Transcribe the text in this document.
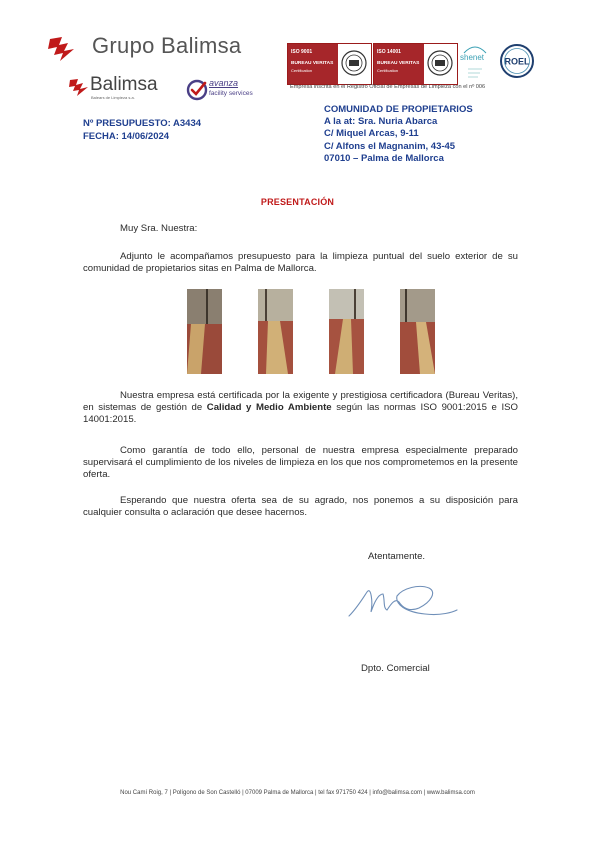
Grupo Balimsa
Balimsa
Balears de Limpieza s.a.
avanza
facility services
ISO 9001
BUREAU VERITAS
Certification
ISO 14001
BUREAU VERITAS
Certification
shenet ROEL
Empresa inscrita en el Registro Oficial de Empresas de Limpieza con el nº 006
Nº PRESUPUESTO: A3434
FECHA: 14/06/2024
COMUNIDAD DE PROPIETARIOS
A la at: Sra. Nuria Abarca
C/ Miquel Arcas, 9-11
C/ Alfons el Magnanim, 43-45
07010 – Palma de Mallorca
PRESENTACIÓN
Muy Sra. Nuestra:
Adjunto le acompañamos presupuesto para la limpieza puntual del suelo exterior de su comunidad de propietarios sitas en Palma de Mallorca.
Nuestra empresa está certificada por la exigente y prestigiosa certificadora (Bureau Veritas), en sistemas de gestión de Calidad y Medio Ambiente según las normas ISO 9001:2015 e ISO 14001:2015.
Como garantía de todo ello, personal de nuestra empresa especialmente preparado supervisará el cumplimiento de los niveles de limpieza en los que nos comprometemos en la presente oferta.
Esperando que nuestra oferta sea de su agrado, nos ponemos a su disposición para cualquier consulta o aclaración que desee hacernos.
Atentamente.
Dpto. Comercial
Nou Camí Roig, 7 | Polígono de Son Castelló | 07009 Palma de Mallorca | tel fax 971750 424 | info@balimsa.com | www.balimsa.com
